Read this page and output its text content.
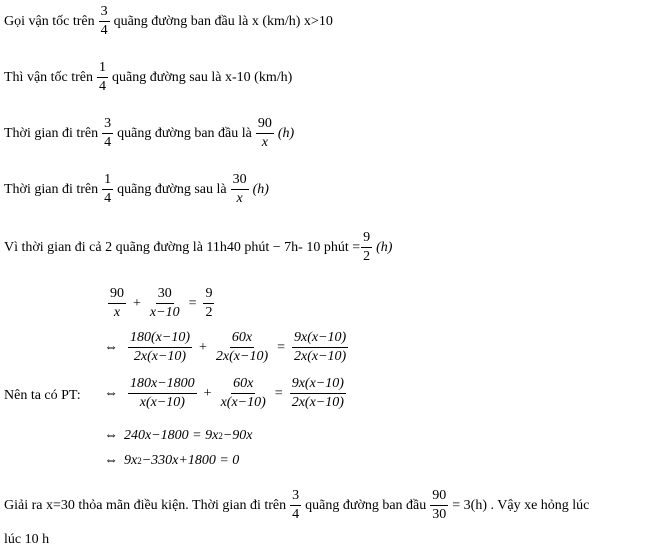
Gọi vận tốc trên $\frac{3}{4}$ quãng đường ban đầu là x (km/h) x>10
Thì vận tốc trên $\frac{1}{4}$ quãng đường sau là x-10 (km/h)
Thời gian đi trên $\frac{3}{4}$ quãng đường ban đầu là $\frac{90}{x} (h)$
Thời gian đi trên $\frac{1}{4}$ quãng đường sau là $\frac{30}{x} (h)$
Vì thời gian đi cả 2 quãng đường là 11h40 phút − 7h- 10 phút = $\frac{9}{2} (h)$
$\frac{90}{x} + \frac{30}{x-10} = \frac{9}{2}$
⇔ $\frac{180(x-10)}{2x(x-10)} + \frac{60x}{2x(x-10)} = \frac{9x(x-10)}{2x(x-10)}$
Nên ta có PT: ⇔ $\frac{180x-1800}{x(x-10)} + \frac{60x}{x(x-10)} = \frac{9x(x-10)}{2x(x-10)}$
⇔ 240x−1800 = 9x 2 −90x
⇔ 9x 2 −330x+1800 = 0
Giải ra x=30 thỏa mãn điều kiện. Thời gian đi trên $\frac{3}{4}$ quãng đường ban đầu $\frac{90}{30} = 3(h)$ . Vậy xe hỏng lúc
lúc 10 h
